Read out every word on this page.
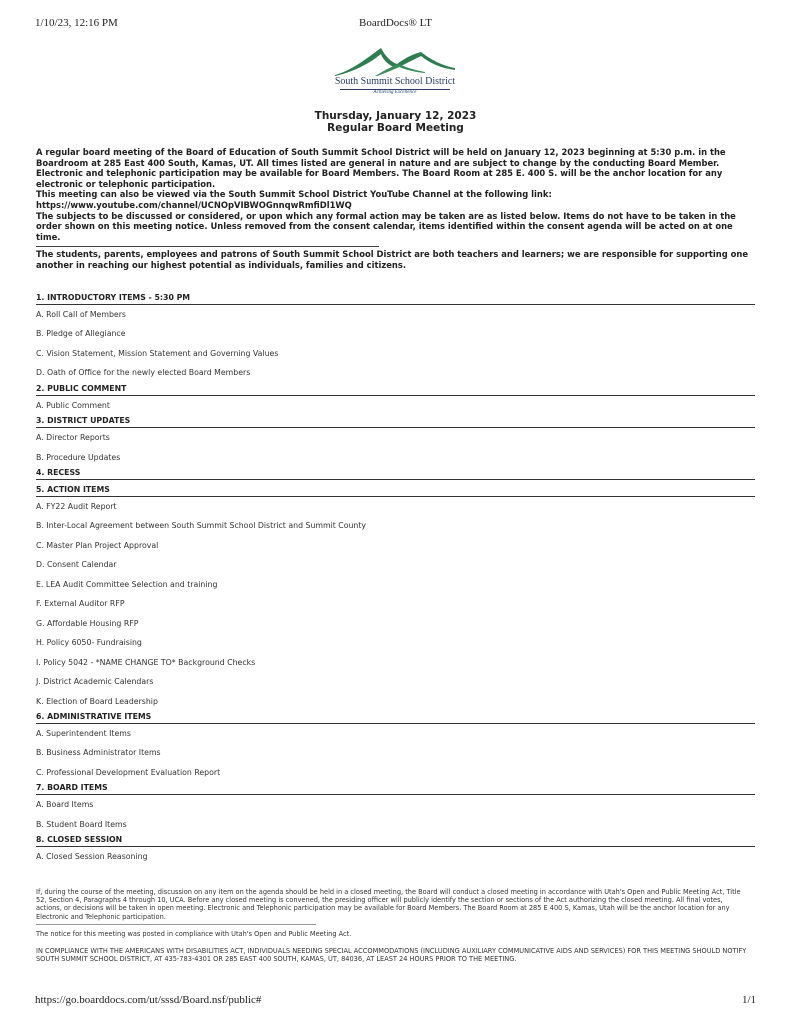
1/10/23, 12:16 PM	BoardDocs® LT
South Summit School District
Achieving Excellence
Thursday, January 12, 2023
Regular Board Meeting

A regular board meeting of the Board of Education of South Summit School District will be held on January 12, 2023 beginning at 5:30 p.m. in the Boardroom at 285 East 400 South, Kamas, UT. All times listed are general in nature and are subject to change by the conducting Board Member. Electronic and telephonic participation may be available for Board Members. The Board Room at 285 E. 400 S. will be the anchor location for any electronic or telephonic participation.

This meeting can also be viewed via the South Summit School District YouTube Channel at the following link:

https://www.youtube.com/channel/UCNOpVIBWOGnnqwRmfiDl1WQ

The subjects to be discussed or considered, or upon which any formal action may be taken are as listed below. Items do not have to be taken in the order shown on this meeting notice. Unless removed from the consent calendar, items identified within the consent agenda will be acted on at one time.

The students, parents, employees and patrons of South Summit School District are both teachers and learners; we are responsible for supporting one another in reaching our highest potential as individuals, families and citizens.

1. INTRODUCTORY ITEMS - 5:30 PM
A. Roll Call of Members
B. Pledge of Allegiance
C. Vision Statement, Mission Statement and Governing Values
D. Oath of Office for the newly elected Board Members
2. PUBLIC COMMENT
A. Public Comment
3. DISTRICT UPDATES
A. Director Reports
B. Procedure Updates
4. RECESS
5. ACTION ITEMS
A. FY22 Audit Report
B. Inter-Local Agreement between South Summit School District and Summit County
C. Master Plan Project Approval
D. Consent Calendar
E. LEA Audit Committee Selection and training
F. External Auditor RFP
G. Affordable Housing RFP
H. Policy 6050- Fundraising
I. Policy 5042 - *NAME CHANGE TO* Background Checks
J. District Academic Calendars
K. Election of Board Leadership
6. ADMINISTRATIVE ITEMS
A. Superintendent Items
B. Business Administrator Items
C. Professional Development Evaluation Report
7. BOARD ITEMS
A. Board Items
B. Student Board Items
8. CLOSED SESSION
A. Closed Session Reasoning

If, during the course of the meeting, discussion on any item on the agenda should be held in a closed meeting, the Board will conduct a closed meeting in accordance with Utah's Open and Public Meeting Act, Title 52, Section 4, Paragraphs 4 through 10, UCA. Before any closed meeting is convened, the presiding officer will publicly identify the section or sections of the Act authorizing the closed meeting. All final votes, actions, or decisions will be taken in open meeting. Electronic and Telephonic participation may be available for Board Members. The Board Room at 285 E 400 S, Kamas, Utah will be the anchor location for any Electronic and Telephonic participation.

The notice for this meeting was posted in compliance with Utah's Open and Public Meeting Act.

IN COMPLIANCE WITH THE AMERICANS WITH DISABILITIES ACT, INDIVIDUALS NEEDING SPECIAL ACCOMMODATIONS (INCLUDING AUXILIARY COMMUNICATIVE AIDS AND SERVICES) FOR THIS MEETING SHOULD NOTIFY SOUTH SUMMIT SCHOOL DISTRICT, AT 435-783-4301 OR 285 EAST 400 SOUTH, KAMAS, UT, 84036, AT LEAST 24 HOURS PRIOR TO THE MEETING.

https://go.boarddocs.com/ut/sssd/Board.nsf/public#	1/1
